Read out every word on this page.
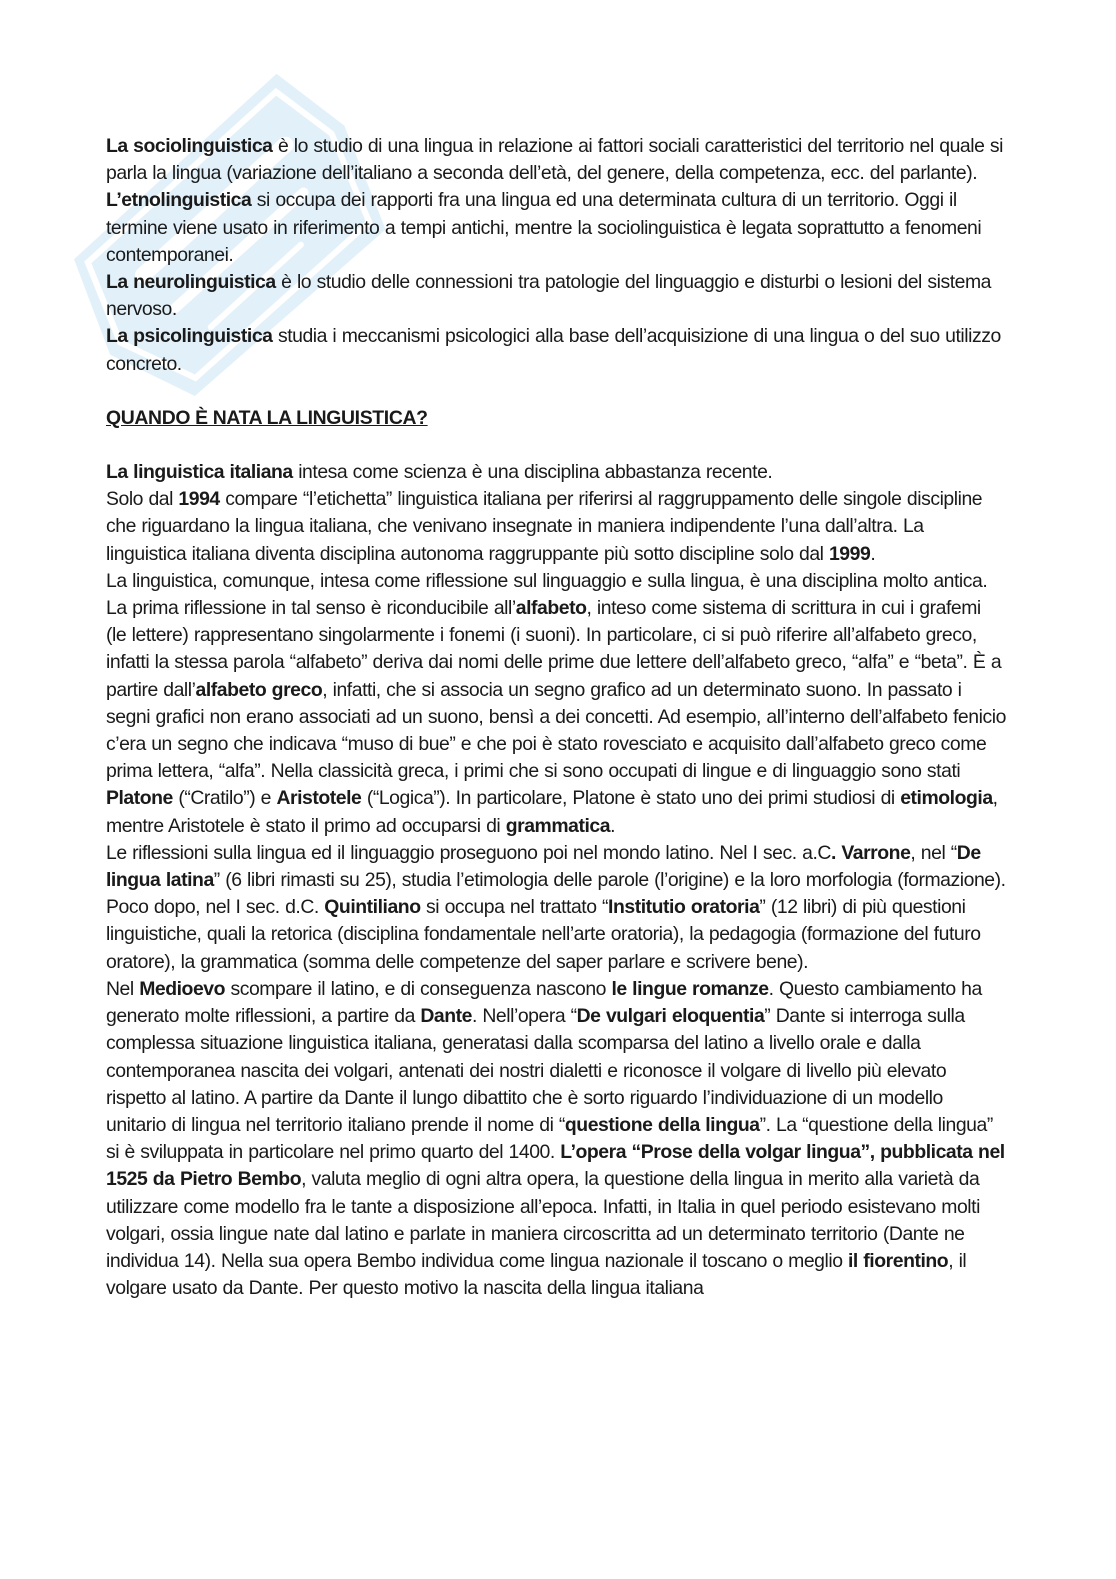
La sociolinguistica è lo studio di una lingua in relazione ai fattori sociali caratteristici del territorio nel quale si parla la lingua (variazione dell’italiano a seconda dell’età, del genere, della competenza, ecc. del parlante).

L’etnolinguistica si occupa dei rapporti fra una lingua ed una determinata cultura di un territorio. Oggi il termine viene usato in riferimento a tempi antichi, mentre la sociolinguistica è legata soprattutto a fenomeni contemporanei.

La neurolinguistica è lo studio delle connessioni tra patologie del linguaggio e disturbi o lesioni del sistema nervoso.

La psicolinguistica studia i meccanismi psicologici alla base dell’acquisizione di una lingua o del suo utilizzo concreto.

QUANDO È NATA LA LINGUISTICA?

La linguistica italiana intesa come scienza è una disciplina abbastanza recente.

Solo dal 1994 compare “l’etichetta” linguistica italiana per riferirsi al raggruppamento delle singole discipline che riguardano la lingua italiana, che venivano insegnate in maniera indipendente l’una dall’altra. La linguistica italiana diventa disciplina autonoma raggruppante più sotto discipline solo dal 1999.

La linguistica, comunque, intesa come riflessione sul linguaggio e sulla lingua, è una disciplina molto antica. La prima riflessione in tal senso è riconducibile all’alfabeto, inteso come sistema di scrittura in cui i grafemi (le lettere) rappresentano singolarmente i fonemi (i suoni). In particolare, ci si può riferire all’alfabeto greco, infatti la stessa parola “alfabeto” deriva dai nomi delle prime due lettere dell’alfabeto greco, “alfa” e “beta”. È a partire dall’alfabeto greco, infatti, che si associa un segno grafico ad un determinato suono. In passato i segni grafici non erano associati ad un suono, bensì a dei concetti. Ad esempio, all’interno dell’alfabeto fenicio c’era un segno che indicava “muso di bue” e che poi è stato rovesciato e acquisito dall’alfabeto greco come prima lettera, “alfa”. Nella classicità greca, i primi che si sono occupati di lingue e di linguaggio sono stati Platone (“Cratilo”) e Aristotele (“Logica”). In particolare, Platone è stato uno dei primi studiosi di etimologia, mentre Aristotele è stato il primo ad occuparsi di grammatica.

Le riflessioni sulla lingua ed il linguaggio proseguono poi nel mondo latino. Nel I sec. a.C. Varrone, nel “De lingua latina” (6 libri rimasti su 25), studia l’etimologia delle parole (l’origine) e la loro morfologia (formazione). Poco dopo, nel I sec. d.C. Quintiliano si occupa nel trattato “Institutio oratoria” (12 libri) di più questioni linguistiche, quali la retorica (disciplina fondamentale nell’arte oratoria), la pedagogia (formazione del futuro oratore), la grammatica (somma delle competenze del saper parlare e scrivere bene).

Nel Medioevo scompare il latino, e di conseguenza nascono le lingue romanze. Questo cambiamento ha generato molte riflessioni, a partire da Dante. Nell’opera “De vulgari eloquentia” Dante si interroga sulla complessa situazione linguistica italiana, generatasi dalla scomparsa del latino a livello orale e dalla contemporanea nascita dei volgari, antenati dei nostri dialetti e riconosce il volgare di livello più elevato rispetto al latino. A partire da Dante il lungo dibattito che è sorto riguardo l’individuazione di un modello unitario di lingua nel territorio italiano prende il nome di “questione della lingua”. La “questione della lingua” si è sviluppata in particolare nel primo quarto del 1400. L’opera “Prose della volgar lingua”, pubblicata nel 1525 da Pietro Bembo, valuta meglio di ogni altra opera, la questione della lingua in merito alla varietà da utilizzare come modello fra le tante a disposizione all’epoca. Infatti, in Italia in quel periodo esistevano molti volgari, ossia lingue nate dal latino e parlate in maniera circoscritta ad un determinato territorio (Dante ne individua 14). Nella sua opera Bembo individua come lingua nazionale il toscano o meglio il fiorentino, il volgare usato da Dante. Per questo motivo la nascita della lingua italiana
